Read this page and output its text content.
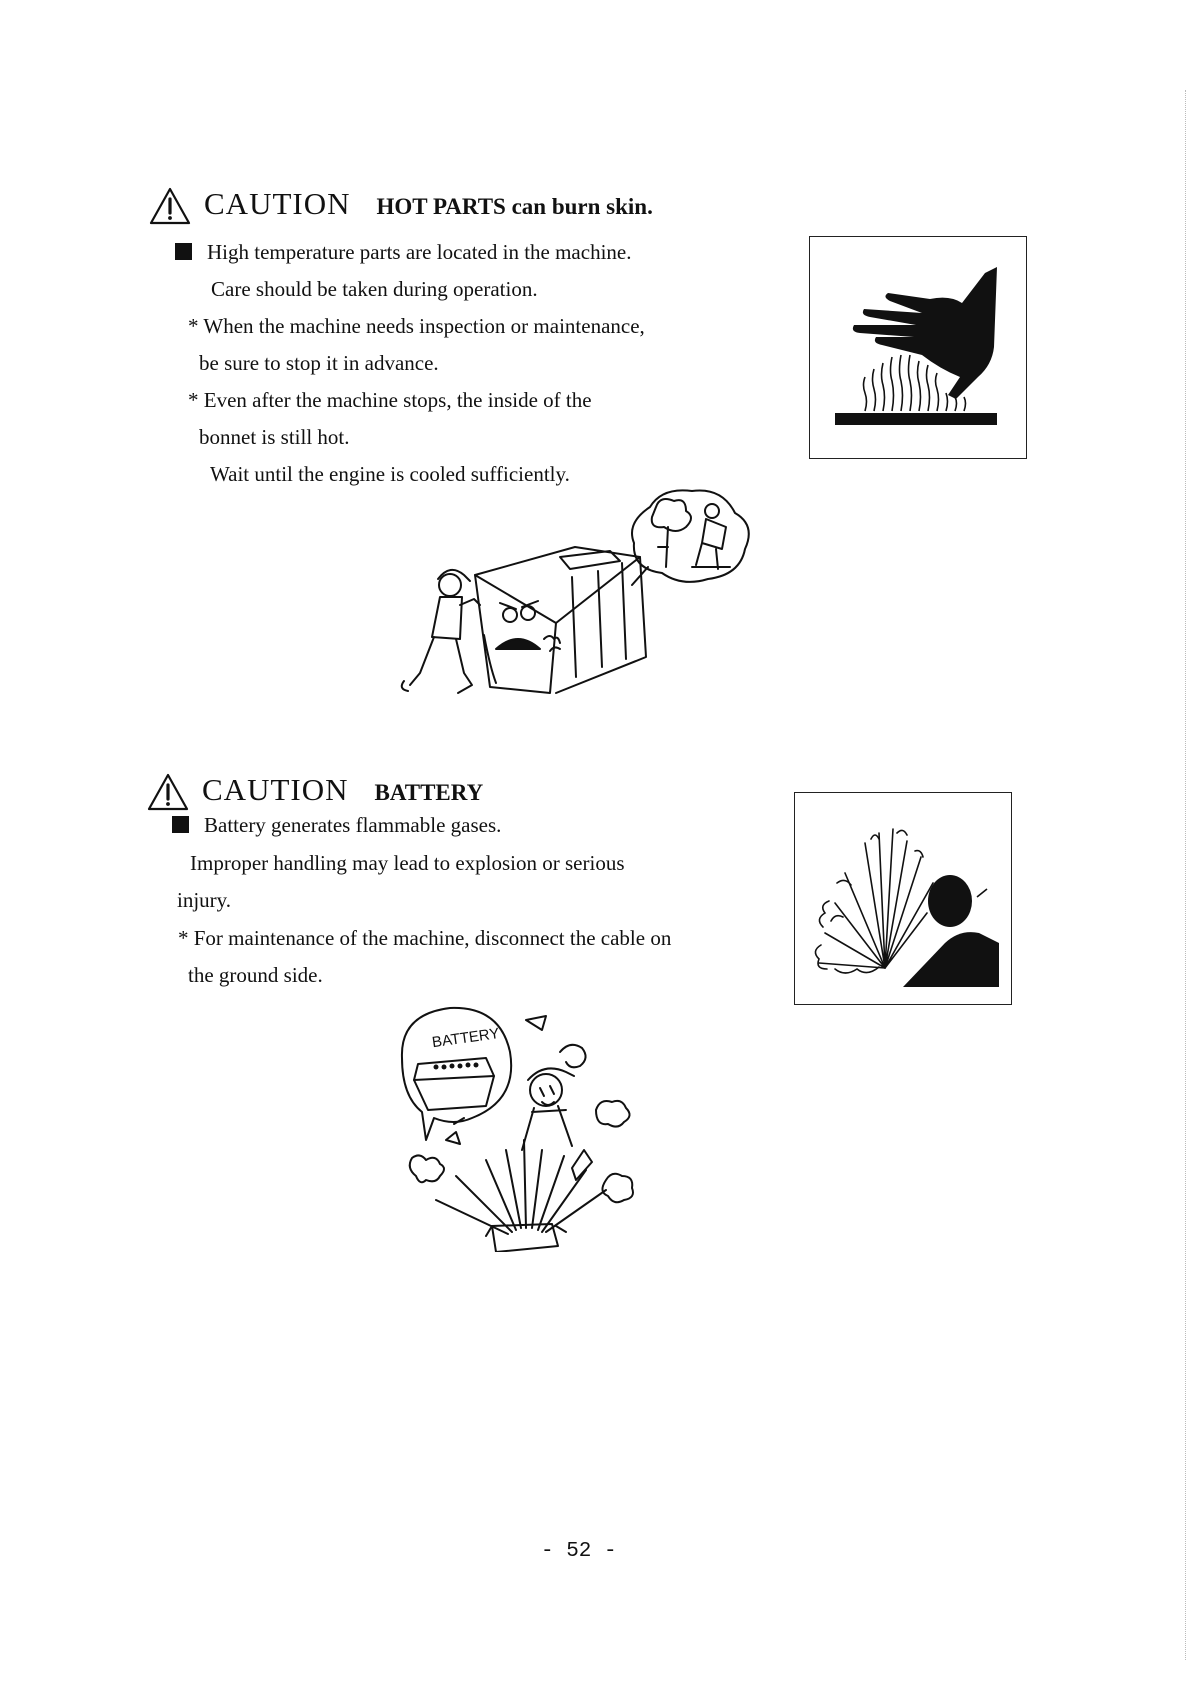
CAUTION HOT PARTS can burn skin.
High temperature parts are located in the machine.
Care should be taken during operation.
* When the machine needs inspection or maintenance,
be sure to stop it in advance.
* Even after the machine stops, the inside of the
bonnet is still hot.
Wait until the engine is cooled sufficiently.
CAUTION BATTERY
Battery generates flammable gases.
Improper handling may lead to explosion or serious
injury.
* For maintenance of the machine, disconnect the cable on
the ground side.
BATTERY
- 52 -
